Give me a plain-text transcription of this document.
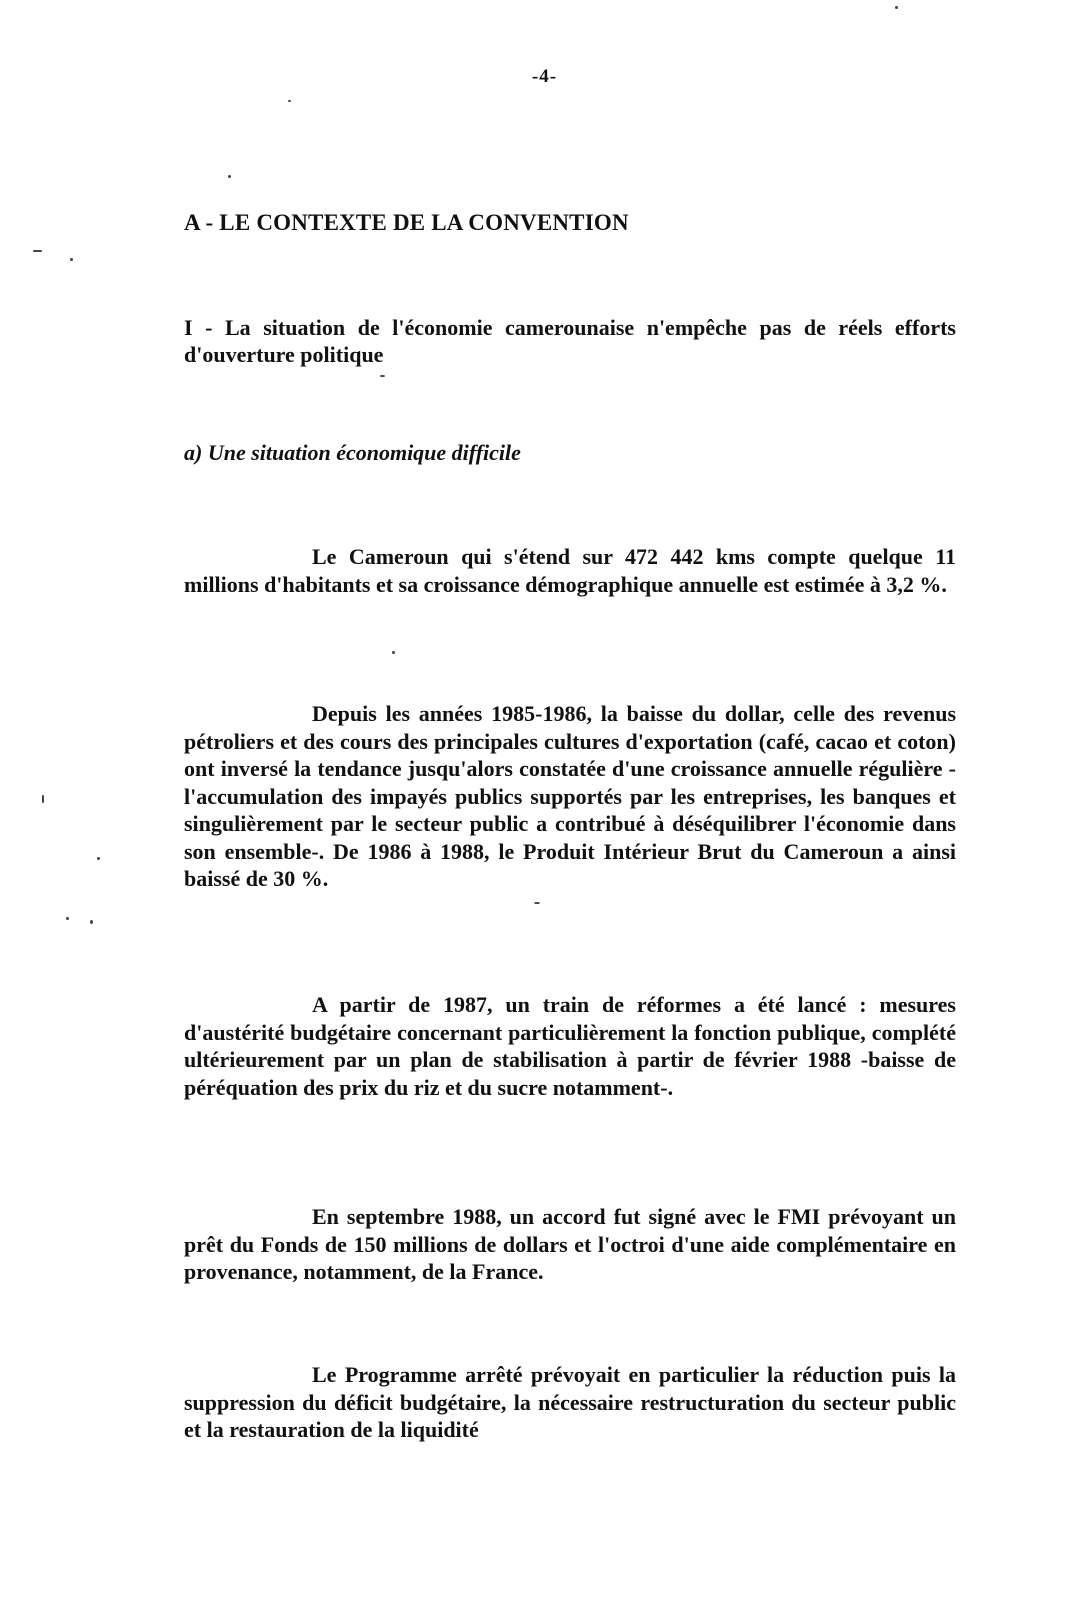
-4-
A - LE CONTEXTE DE LA CONVENTION
I - La situation de l'économie camerounaise n'empêche pas de réels efforts d'ouverture politique
a) Une situation économique difficile

Le Cameroun qui s'étend sur 472 442 kms compte quelque 11 millions d'habitants et sa croissance démographique annuelle est estimée à 3,2 %.

Depuis les années 1985-1986, la baisse du dollar, celle des revenus pétroliers et des cours des principales cultures d'exportation (café, cacao et coton) ont inversé la tendance jusqu'alors constatée d'une croissance annuelle régulière -l'accumulation des impayés publics supportés par les entreprises, les banques et singulièrement par le secteur public a contribué à déséquilibrer l'économie dans son ensemble-. De 1986 à 1988, le Produit Intérieur Brut du Cameroun a ainsi baissé de 30 %.

A partir de 1987, un train de réformes a été lancé : mesures d'austérité budgétaire concernant particulièrement la fonction publique, complété ultérieurement par un plan de stabilisation à partir de février 1988 -baisse de péréquation des prix du riz et du sucre notamment-.

En septembre 1988, un accord fut signé avec le FMI prévoyant un prêt du Fonds de 150 millions de dollars et l'octroi d'une aide complémentaire en provenance, notamment, de la France.

Le Programme arrêté prévoyait en particulier la réduction puis la suppression du déficit budgétaire, la nécessaire restructuration du secteur public et la restauration de la liquidité
